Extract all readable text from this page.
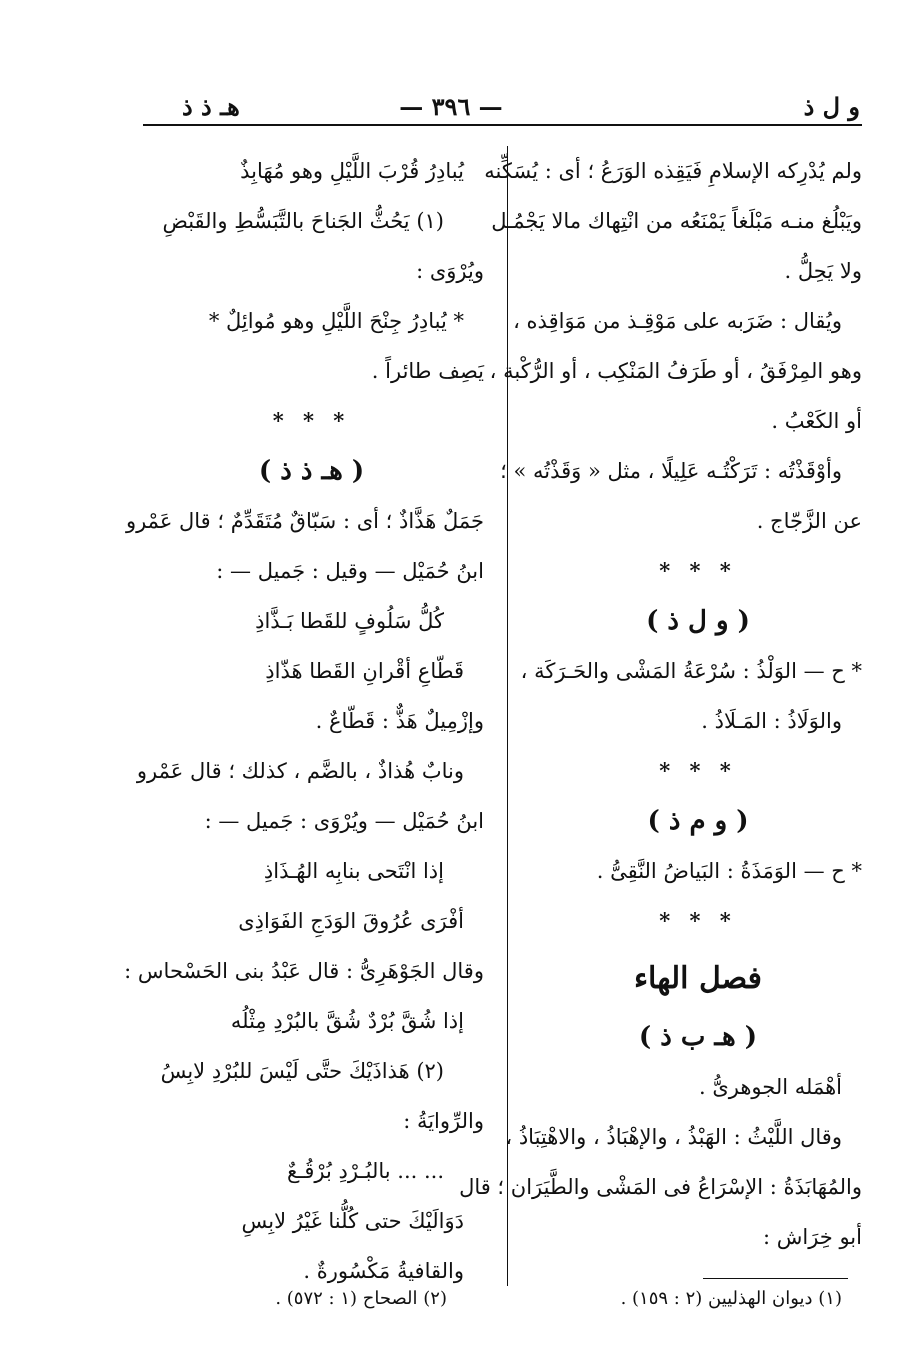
و ل ذ
— ٣٩٦ —
هـ ذ ذ
ولم يُدْرِكه الإسلامِ فَيَقِذه الوَرَعُ ؛ أى : يُسَكِّنه
ويَبْلُغ منـه مَبْلَغاً يَمْنَعُه من انْتِهاك مالا يَجْمُـل
ولا يَحِلُّ .
ويُقال : ضَرَبه على مَوْقِـذ من مَوَاقِذه ،
وهو المِرْفَقُ ، أو طَرَفُ المَنْكِب ، أو الرُّكْبة ،
أو الكَعْبُ .
وأوْقَذْتُه : تَرَكْتُـه عَلِيلًا ، مثل « وَقَذْتُه » ؛
عن الزَّجّاج .
* * *
( و ل ذ )
* ح — الوَلْذُ : سُرْعَةُ المَشْى والحَـرَكَة ،
والوَلَاذُ : المَـلَاذُ .
* * *
( و م ذ )
* ح — الوَمَذَةُ : البَياضُ النَّقِىُّ .
* * *
فصل الهاء
( هـ ب ذ )
أهْمَله الجوهرىُّ .
وقال اللَّيْثُ : الهَبْذُ ، والإهْبَاذُ ، والاهْتِبَاذُ ،
والمُهَابَذَةُ : الإسْرَاعُ فى المَشْى والطَّيَرَان ؛ قال
أبو خِرَاش :
يُبادِرُ قُرْبَ اللَّيْلِ وهو مُهَابِذٌ
(١) يَحُثُّ الجَناحَ بالتَّبَسُّطِ والقَبْضِ
ويُرْوَى :
* يُبادِرُ جِنْحَ اللَّيْلِ وهو مُوائِلٌ *
يَصِف طائراً .
* * *
( هـ ذ ذ )
جَمَلٌ هَذَّاذٌ ؛ أى : سَبّاقٌ مُتَقَدِّمٌ ؛ قال عَمْرو
ابنُ حُمَيْل — وقيل : جَميل — :
كُلُّ سَلُوفٍ للقَطا بَـذَّاذِ
قَطّاعِ أقْرانِ القَطا هَذّاذِ
وإزْمِيلٌ هَذٌّ : قَطّاعٌ .
ونابٌ هُذاذٌ ، بالضَّم ، كذلك ؛ قال عَمْرو
ابنُ حُمَيْل — ويُرْوَى : جَميل — :
إذا انْتَحى بنابِه الهُـذَاذِ
أفْرَى عُرُوقَ الوَدَجِ الفَوَاذِى
وقال الجَوْهَرِىُّ : قال عَبْدُ بنى الحَسْحاس :
إذا شُقَّ بُرْدٌ شُقَّ بالبُرْدِ مِثْلُه
(٢) هَذاذَيْكَ حتَّى لَيْسَ للبُرْدِ لابِسُ
والرِّوايَةُ :
... ... بالبُـرْدِ بُرْقُـعٌ
دَوَالَيْكَ حتى كُلُّنا غَيْرُ لابِسِ
والقافيةُ مَكْسُورةٌ .
(١) ديوان الهذليين (٢ : ١٥٩) .
(٢) الصحاح (١ : ٥٧٢) .
